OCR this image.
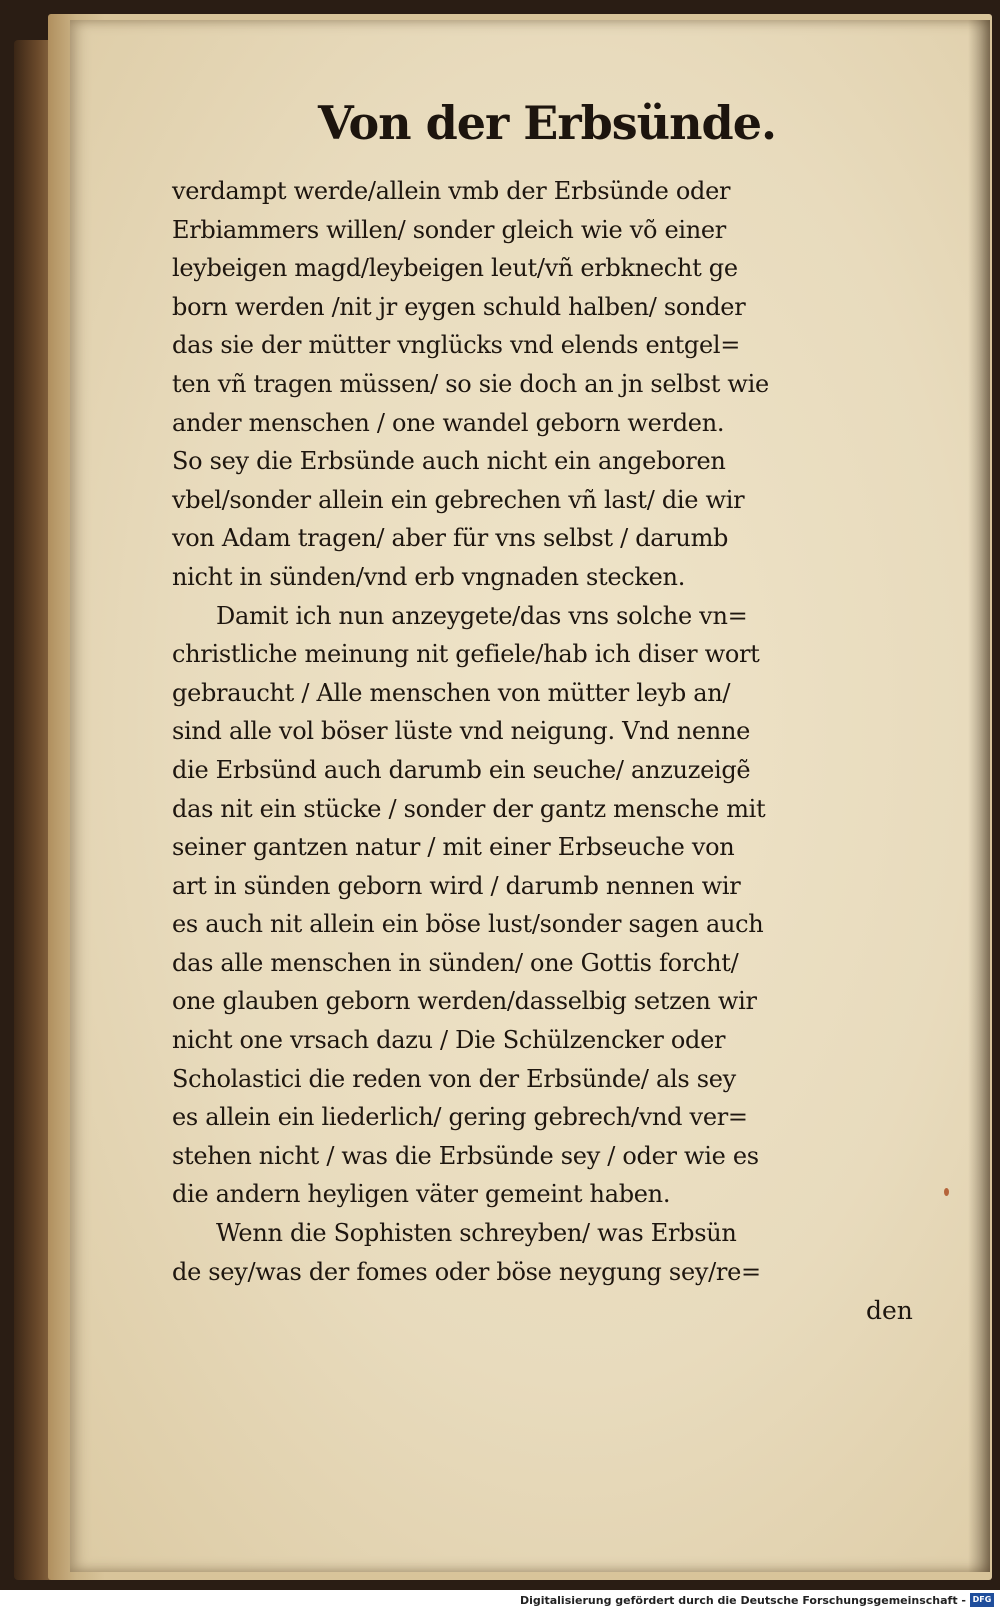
Von der Erbsünde.
verdampt werde/allein vmb der Erbsünde oder
Erbiammers willen/ sonder gleich wie võ einer
leybeigen magd/leybeigen leut/vñ erbknecht ge
born werden /nit jr eygen schuld halben/ sonder
das sie der mütter vnglücks vnd elends entgel=
ten vñ tragen müssen/ so sie doch an jn selbst wie
ander menschen / one wandel geborn werden.
So sey die Erbsünde auch nicht ein angeboren
vbel/sonder allein ein gebrechen vñ last/ die wir
von Adam tragen/ aber für vns selbst / darumb
nicht in sünden/vnd erb vngnaden stecken.
Damit ich nun anzeygete/das vns solche vn=
christliche meinung nit gefiele/hab ich diser wort
gebraucht / Alle menschen von mütter leyb an/
sind alle vol böser lüste vnd neigung. Vnd nenne
die Erbsünd auch darumb ein seuche/ anzuzeigẽ
das nit ein stücke / sonder der gantz mensche mit
seiner gantzen natur / mit einer Erbseuche von
art in sünden geborn wird / darumb nennen wir
es auch nit allein ein böse lust/sonder sagen auch
das alle menschen in sünden/ one Gottis forcht/
one glauben geborn werden/dasselbig setzen wir
nicht one vrsach dazu / Die Schülzencker oder
Scholastici die reden von der Erbsünde/ als sey
es allein ein liederlich/ gering gebrech/vnd ver=
stehen nicht / was die Erbsünde sey / oder wie es
die andern heyligen väter gemeint haben.
Wenn die Sophisten schreyben/ was Erbsün
de sey/was der fomes oder böse neygung sey/re=
den
Digitalisierung gefördert durch die Deutsche Forschungsgemeinschaft - DFG
